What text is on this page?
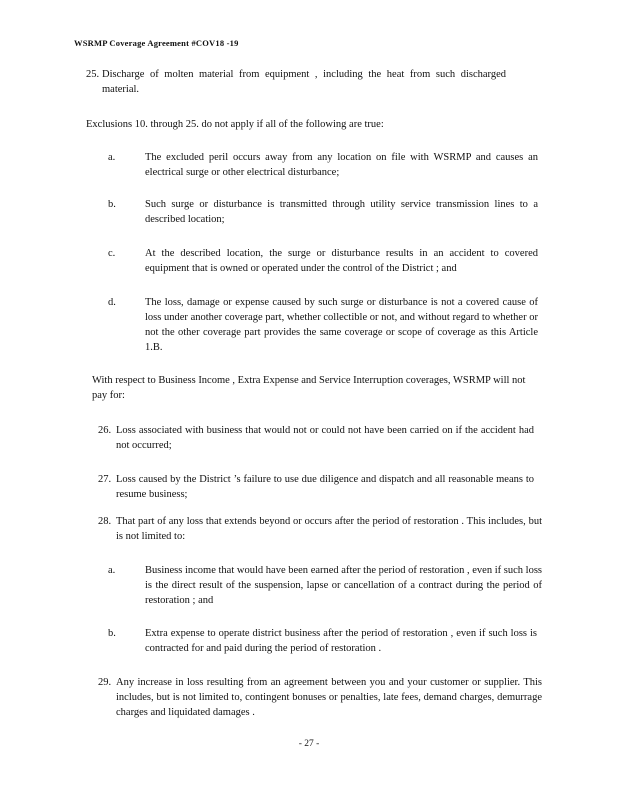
WSRMP Coverage Agreement #COV18 -19
25. Discharge of molten material from equipment , including the heat from such discharged material.
Exclusions 10. through 25. do not apply if all of the following are true:
a.	The excluded peril occurs away from any location on file with WSRMP and causes an electrical surge or other electrical disturbance;
b.	Such surge or disturbance is transmitted through utility service transmission lines to a described location;
c.	At the described location, the surge or disturbance results in an accident to covered equipment that is owned or operated under the control of the District ; and
d.	The loss, damage or expense caused by such surge or disturbance is not a covered cause of loss under another coverage part, whether collectible or not, and without regard to whether or not the other coverage part provides the same coverage or scope of coverage as this Article 1.B.
With respect to Business Income , Extra Expense and Service Interruption coverages, WSRMP will not pay for:
26. Loss associated with business that would not or could not have been carried on if the accident had not occurred;
27. Loss caused by the District ’s failure to use due diligence and dispatch and all reasonable means to resume business;
28. That part of any loss that extends beyond or occurs after the period of restoration . This includes, but is not limited to:
a.	Business income that would have been earned after the period of restoration , even if such loss is the direct result of the suspension, lapse or cancellation of a contract during the period of restoration ; and
b.	Extra expense to operate district business after the period of restoration , even if such loss is contracted for and paid during the period of restoration .
29. Any increase in loss resulting from an agreement between you and your customer or supplier. This includes, but is not limited to, contingent bonuses or penalties, late fees, demand charges, demurrage charges and liquidated damages .
- 27 -
